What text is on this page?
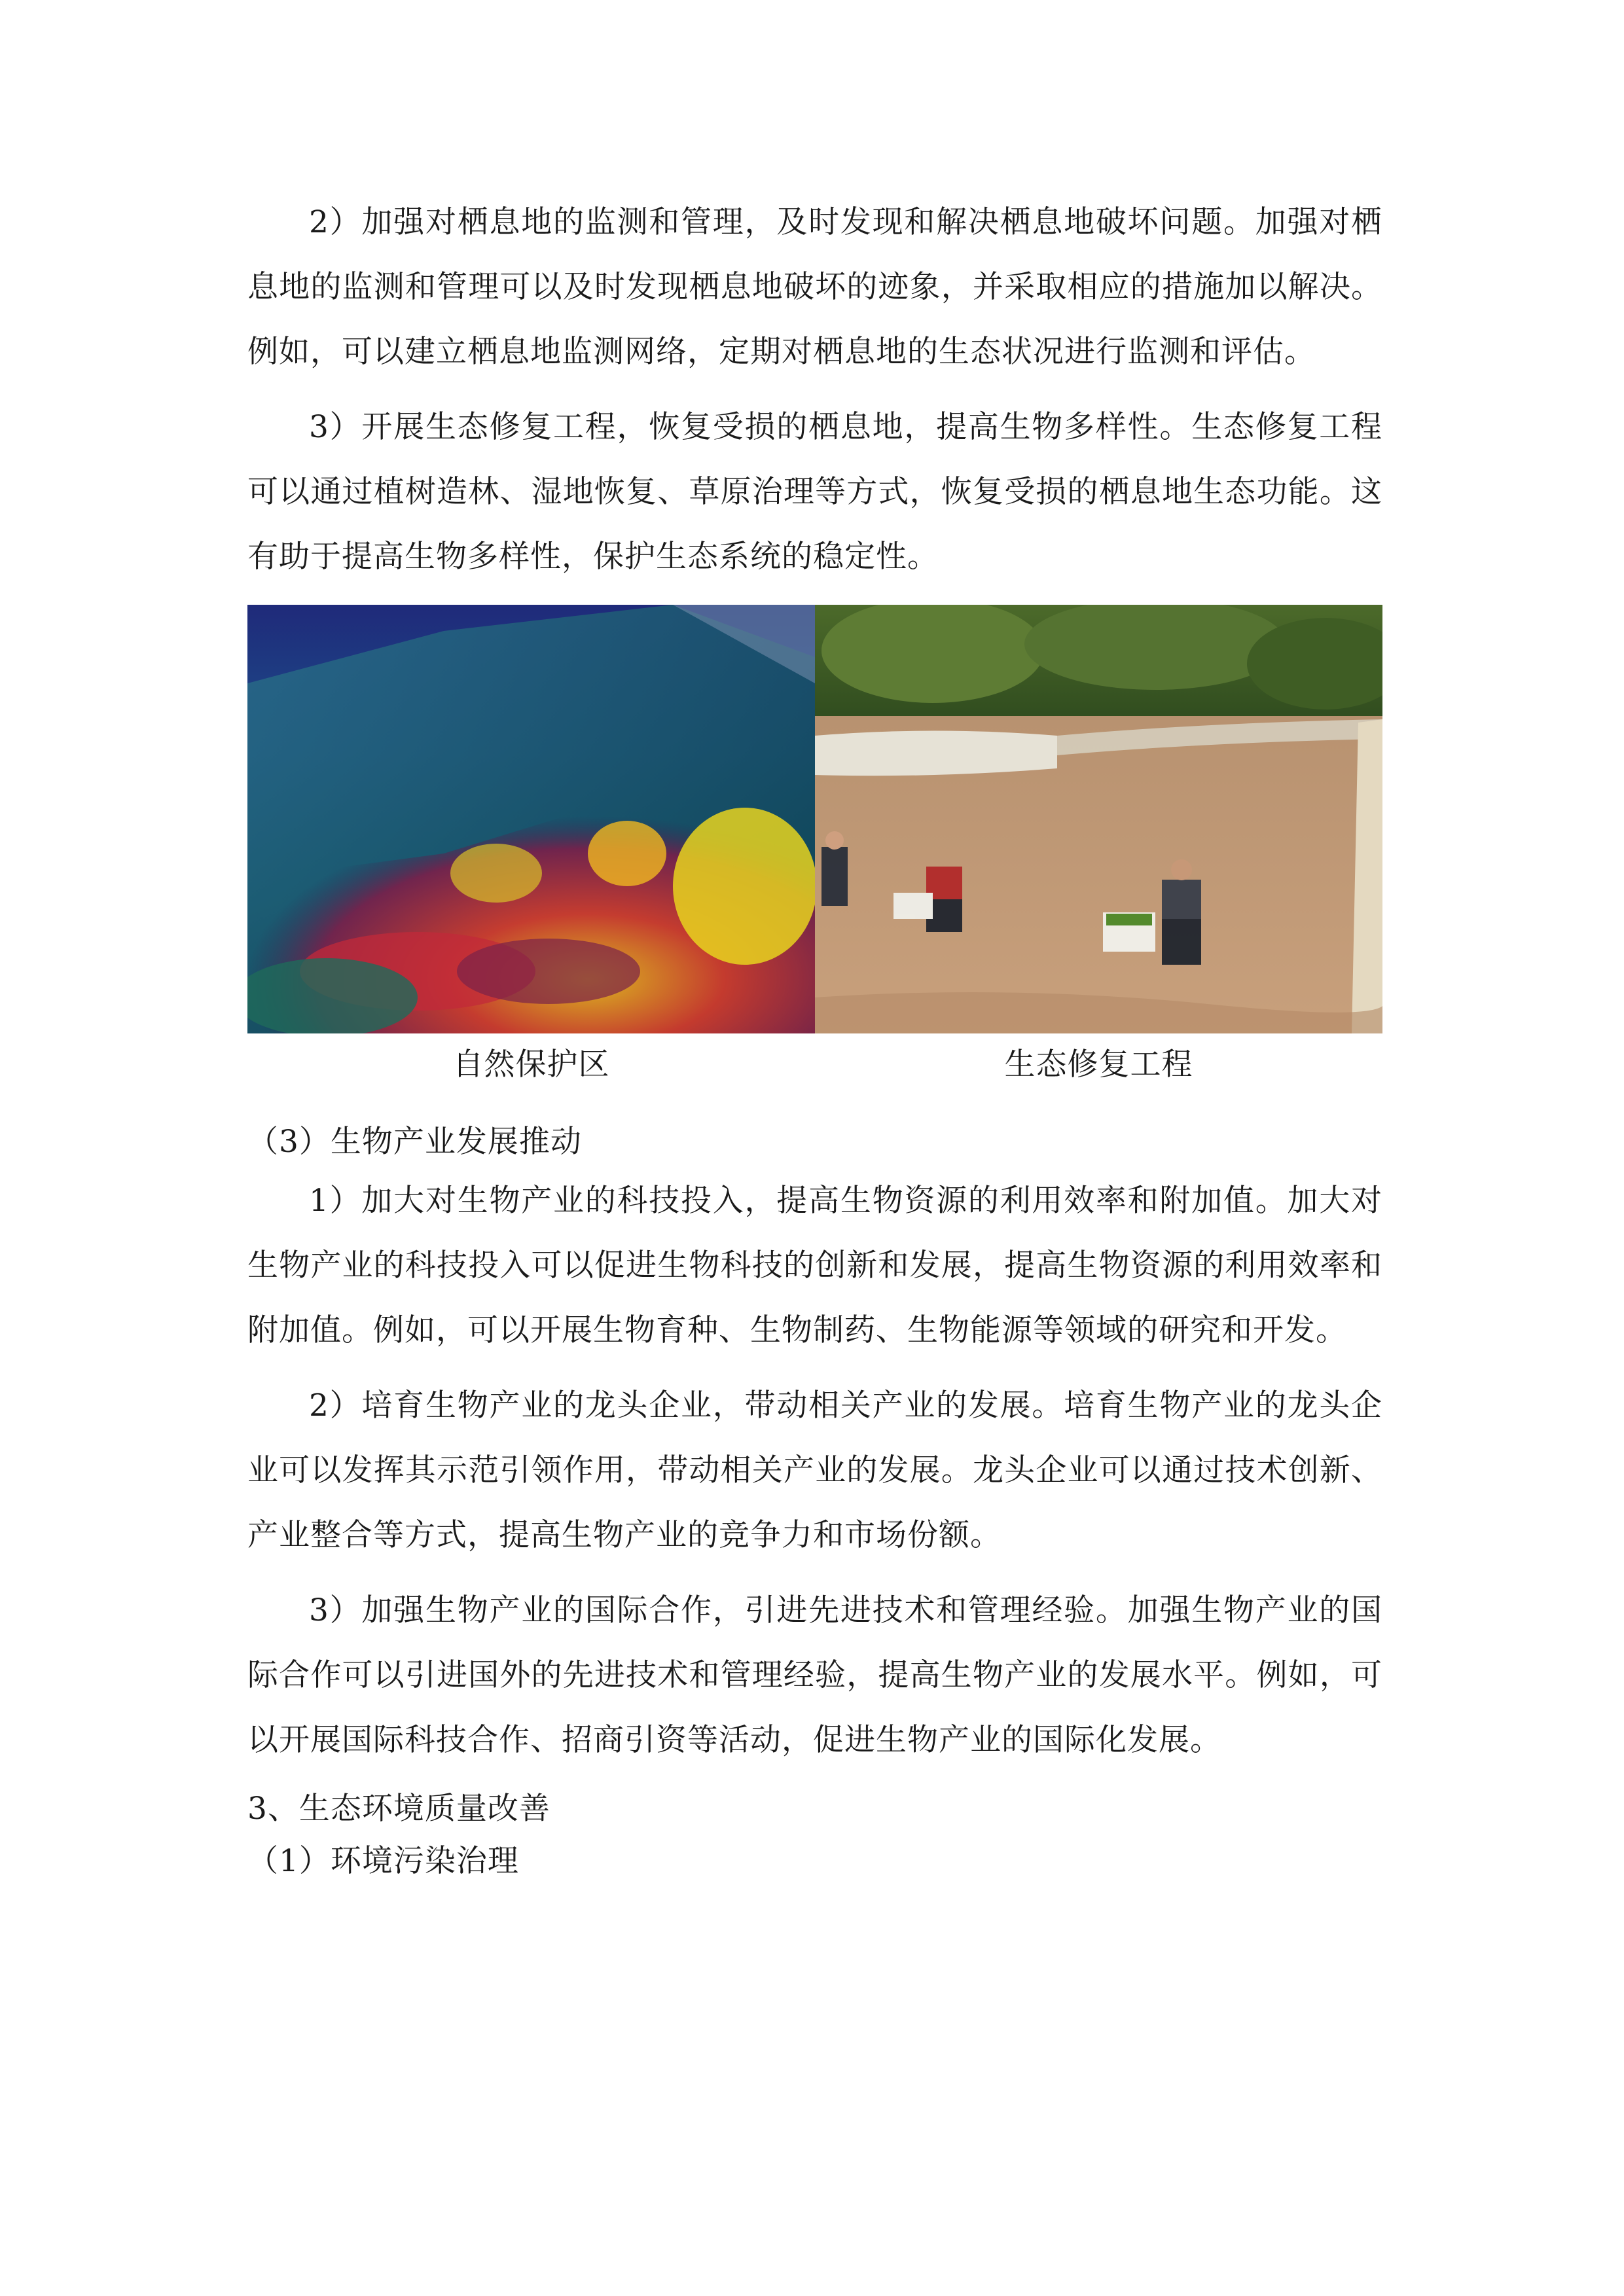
2）加强对栖息地的监测和管理，及时发现和解决栖息地破坏问题。加强对栖息地的监测和管理可以及时发现栖息地破坏的迹象，并采取相应的措施加以解决。例如，可以建立栖息地监测网络，定期对栖息地的生态状况进行监测和评估。

3）开展生态修复工程，恢复受损的栖息地，提高生物多样性。生态修复工程可以通过植树造林、湿地恢复、草原治理等方式，恢复受损的栖息地生态功能。这有助于提高生物多样性，保护生态系统的稳定性。

自然保护区	生态修复工程

（3）生物产业发展推动

1）加大对生物产业的科技投入，提高生物资源的利用效率和附加值。加大对生物产业的科技投入可以促进生物科技的创新和发展，提高生物资源的利用效率和附加值。例如，可以开展生物育种、生物制药、生物能源等领域的研究和开发。

2）培育生物产业的龙头企业，带动相关产业的发展。培育生物产业的龙头企业可以发挥其示范引领作用，带动相关产业的发展。龙头企业可以通过技术创新、产业整合等方式，提高生物产业的竞争力和市场份额。

3）加强生物产业的国际合作，引进先进技术和管理经验。加强生物产业的国际合作可以引进国外的先进技术和管理经验，提高生物产业的发展水平。例如，可以开展国际科技合作、招商引资等活动，促进生物产业的国际化发展。

3、生态环境质量改善

（1）环境污染治理
